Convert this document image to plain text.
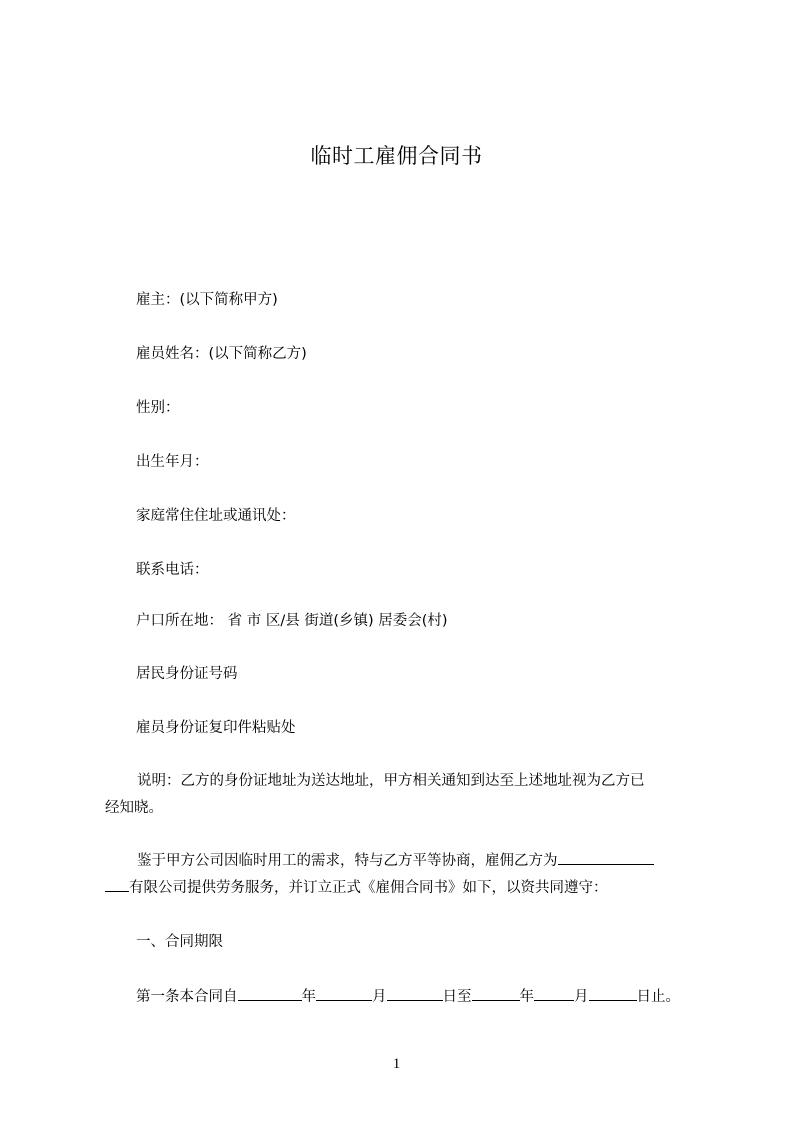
临时工雇佣合同书
雇主：(以下简称甲方)
雇员姓名：(以下简称乙方)
性别：
出生年月：
家庭常住住址或通讯处：
联系电话：
户口所在地： 省 市 区/县 街道(乡镇) 居委会(村)
居民身份证号码
雇员身份证复印件粘贴处
说明：乙方的身份证地址为送达地址，甲方相关通知到达至上述地址视为乙方已
经知晓。
鉴于甲方公司因临时用工的需求，特与乙方平等协商，雇佣乙方为
有限公司提供劳务服务，并订立正式《雇佣合同书》如下，以资共同遵守：
一、合同期限
第一条本合同自	年	月	日至	年	月	日止。
1
